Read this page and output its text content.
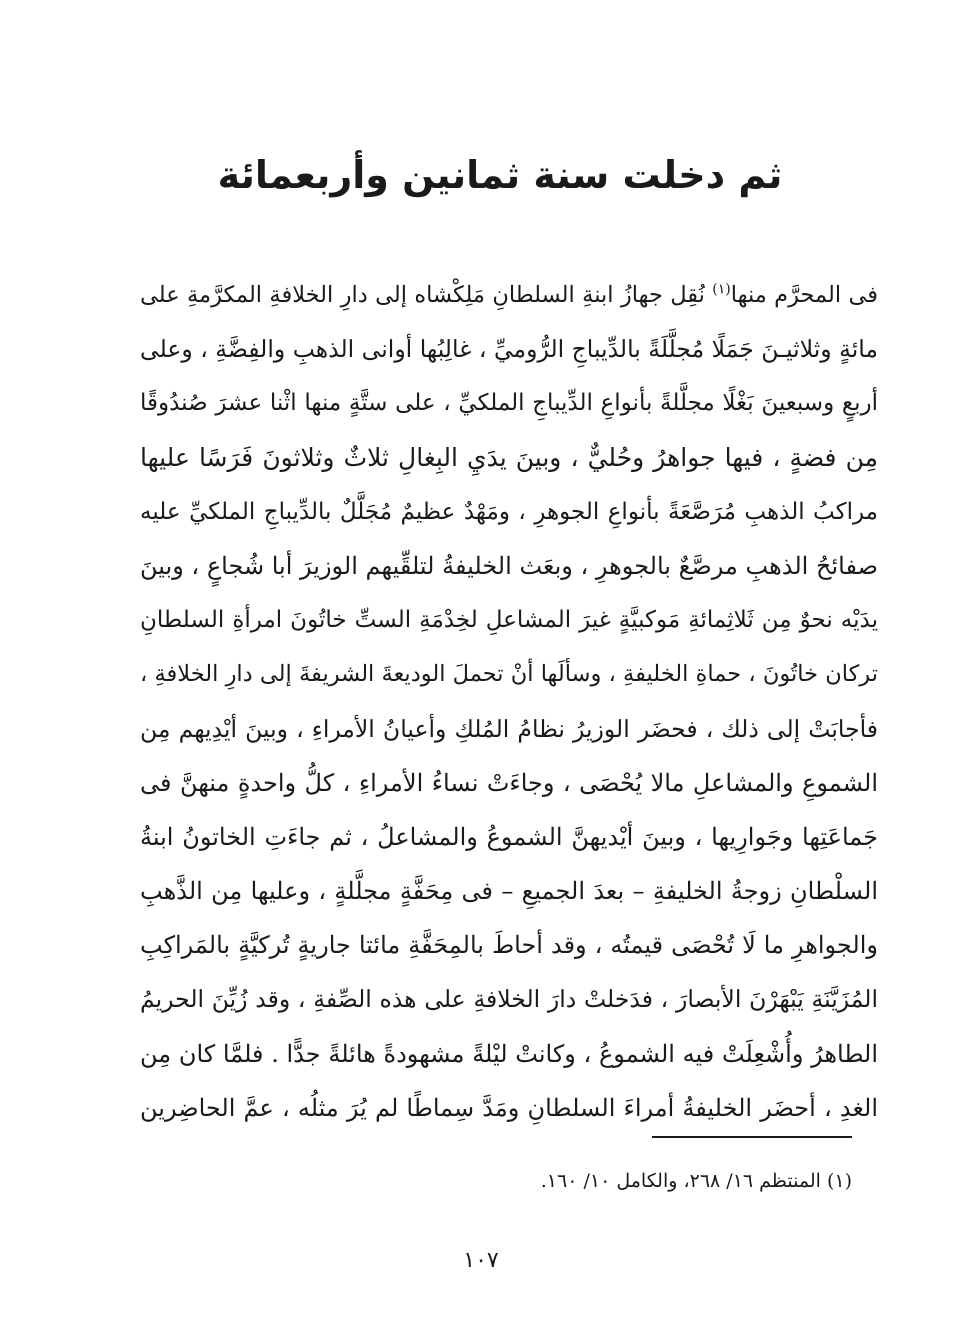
ثم دخلت سنة ثمانين وأربعمائة
فى المحرَّم منها$^{(١)}$ نُقِل جهازُ ابنةِ السلطانِ مَلِكْشاه إلى دارِ الخلافةِ المكرَّمةِ على
مائةٍ وثلاثيـنَ جَمَلًا مُجلَّلَةً بالدِّيباجِ الرُّوميِّ ، غالِبُها أوانى الذهبِ والفِضَّةِ ، وعلى
أربعٍ وسبعينَ بَغْلًا مجلَّلةً بأنواعِ الدِّيباجِ الملكيِّ ، على ستَّةٍ منها اثْنا عشرَ صُندُوقًا
مِن فضةٍ ، فيها جواهرُ وحُليٌّ ، وبينَ يدَيِ البِغالِ ثلاثٌ وثلاثونَ فَرَسًا عليها
مراكبُ الذهبِ مُرَصَّعَةً بأنواعِ الجوهرِ ، ومَهْدٌ عظيمٌ مُجَلَّلٌ بالدِّيباجِ الملكيِّ عليه
صفائحُ الذهبِ مرصَّعٌ بالجوهرِ ، وبعَث الخليفةُ لتلقِّيهم الوزيرَ أبا شُجاعٍ ، وبينَ
يدَيْه نحوٌ مِن ثَلاثِمائةِ مَوكبيَّةٍ غيرَ المشاعلِ لخِدْمَةِ الستِّ خاتُونَ امرأةِ السلطانِ
تركان خاتُونَ ، حماةِ الخليفةِ ، وسألَها أنْ تحملَ الوديعةَ الشريفةَ إلى دارِ الخلافةِ ،
فأجابَتْ إلى ذلك ، فحضَر الوزيرُ نظامُ المُلكِ وأعيانُ الأمراءِ ، وبينَ أيْدِيهم مِن
الشموعِ والمشاعلِ مالا يُحْصَى ، وجاءَتْ نساءُ الأمراءِ ، كلُّ واحدةٍ منهنَّ فى
جَماعَتِها وجَوارِيها ، وبينَ أيْديهنَّ الشموعُ والمشاعلُ ، ثم جاءَتِ الخاتونُ ابنةُ
السلْطانِ زوجةُ الخليفةِ – بعدَ الجميعِ – فى مِحَفَّةٍ مجلَّلةٍ ، وعليها مِن الذَّهبِ
والجواهرِ ما لَا تُحْصَى قيمتُه ، وقد أحاطَ بالمِحَفَّةِ مائتا جاريةٍ تُركيَّةٍ بالمَراكِبِ
المُزَيَّنَةِ يَبْهَرْنَ الأبصارَ ، فدَخلتْ دارَ الخلافةِ على هذه الصِّفةِ ، وقد زُيِّنَ الحريمُ
الطاهرُ وأُشْعِلَتْ فيه الشموعُ ، وكانتْ ليْلةً مشهودةً هائلةً جدًّا . فلمَّا كان مِن
الغدِ ، أحضَر الخليفةُ أمراءَ السلطانِ ومَدَّ سِماطًا لم يُرَ مثلُه ، عمَّ الحاضِرين
(١) المنتظم ١٦/ ٢٦٨، والكامل ١٠/ ١٦٠.
١٠٧
